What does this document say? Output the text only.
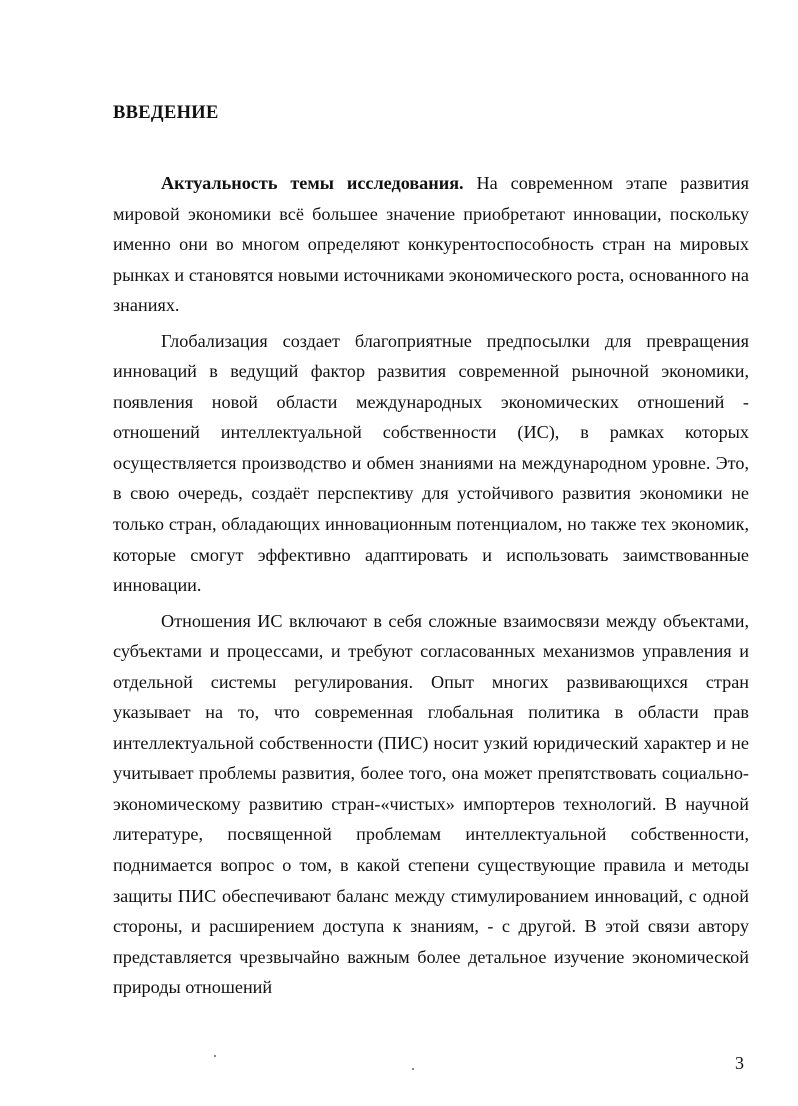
ВВЕДЕНИЕ

Актуальность темы исследования. На современном этапе развития мировой экономики всё большее значение приобретают инновации, поскольку именно они во многом определяют конкурентоспособность стран на мировых рынках и становятся новыми источниками экономического роста, основанного на знаниях.

Глобализация создает благоприятные предпосылки для превращения инноваций в ведущий фактор развития современной рыночной экономики, появления новой области международных экономических отношений - отношений интеллектуальной собственности (ИС), в рамках которых осуществляется производство и обмен знаниями на международном уровне. Это, в свою очередь, создаёт перспективу для устойчивого развития экономики не только стран, обладающих инновационным потенциалом, но также тех экономик, которые смогут эффективно адаптировать и использовать заимствованные инновации.

Отношения ИС включают в себя сложные взаимосвязи между объектами, субъектами и процессами, и требуют согласованных механизмов управления и отдельной системы регулирования. Опыт многих развивающихся стран указывает на то, что современная глобальная политика в области прав интеллектуальной собственности (ПИС) носит узкий юридический характер и не учитывает проблемы развития, более того, она может препятствовать социально-экономическому развитию стран-«чистых» импортеров технологий. В научной литературе, посвященной проблемам интеллектуальной собственности, поднимается вопрос о том, в какой степени существующие правила и методы защиты ПИС обеспечивают баланс между стимулированием инноваций, с одной стороны, и расширением доступа к знаниям, - с другой. В этой связи автору представляется чрезвычайно важным более детальное изучение экономической природы отношений

3
